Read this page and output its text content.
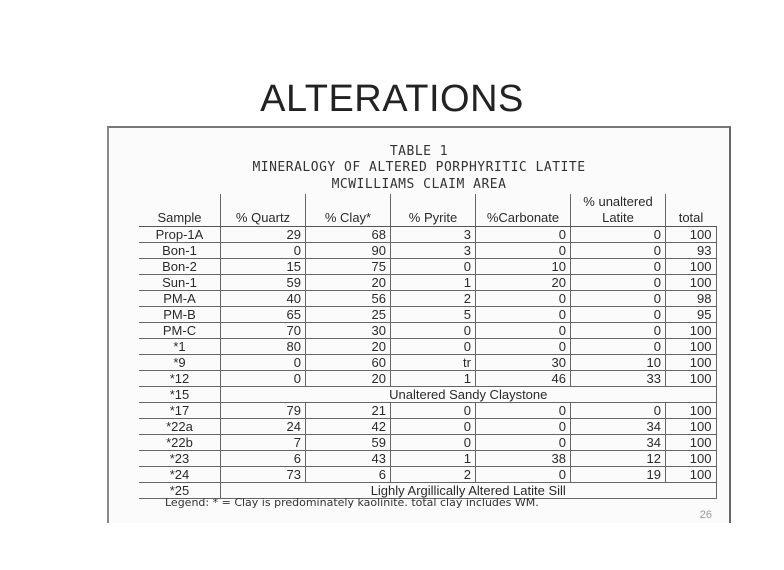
ALTERATIONS
TABLE 1
MINERALOGY OF ALTERED PORPHYRITIC LATITE
MCWILLIAMS CLAIM AREA
Sample	% Quartz	% Clay*	% Pyrite	%Carbonate	% unaltered Latite	total
Prop-1A	29	68	3	0	0	100
Bon-1	0	90	3	0	0	93
Bon-2	15	75	0	10	0	100
Sun-1	59	20	1	20	0	100
PM-A	40	56	2	0	0	98
PM-B	65	25	5	0	0	95
PM-C	70	30	0	0	0	100
*1	80	20	0	0	0	100
*9	0	60	tr	30	10	100
*12	0	20	1	46	33	100
*15	Unaltered Sandy Claystone					
*17	79	21	0	0	0	100
*22a	24	42	0	0	34	100
*22b	7	59	0	0	34	100
*23	6	43	1	38	12	100
*24	73	6	2	0	19	100
*25	Lighly Argillically Altered Latite Sill					
Legend: * = Clay is predominately kaolinite. total clay includes WM.
26
